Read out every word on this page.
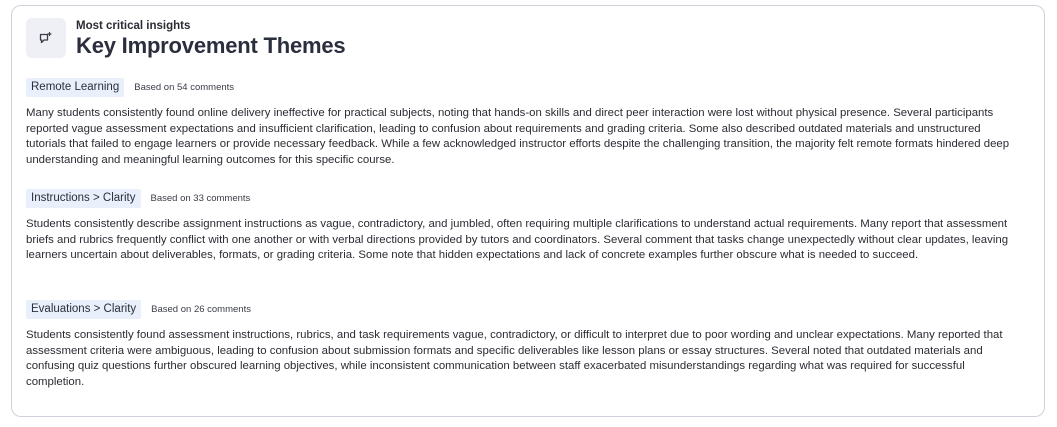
Most critical insights
Key Improvement Themes
Remote Learning	Based on 54 comments
Many students consistently found online delivery ineffective for practical subjects, noting that hands-on skills and direct peer interaction were lost without physical presence. Several participants reported vague assessment expectations and insufficient clarification, leading to confusion about requirements and grading criteria. Some also described outdated materials and unstructured tutorials that failed to engage learners or provide necessary feedback. While a few acknowledged instructor efforts despite the challenging transition, the majority felt remote formats hindered deep understanding and meaningful learning outcomes for this specific course.
Instructions > Clarity	Based on 33 comments
Students consistently describe assignment instructions as vague, contradictory, and jumbled, often requiring multiple clarifications to understand actual requirements. Many report that assessment briefs and rubrics frequently conflict with one another or with verbal directions provided by tutors and coordinators. Several comment that tasks change unexpectedly without clear updates, leaving learners uncertain about deliverables, formats, or grading criteria. Some note that hidden expectations and lack of concrete examples further obscure what is needed to succeed.
Evaluations > Clarity	Based on 26 comments
Students consistently found assessment instructions, rubrics, and task requirements vague, contradictory, or difficult to interpret due to poor wording and unclear expectations. Many reported that assessment criteria were ambiguous, leading to confusion about submission formats and specific deliverables like lesson plans or essay structures. Several noted that outdated materials and confusing quiz questions further obscured learning objectives, while inconsistent communication between staff exacerbated misunderstandings regarding what was required for successful completion.
